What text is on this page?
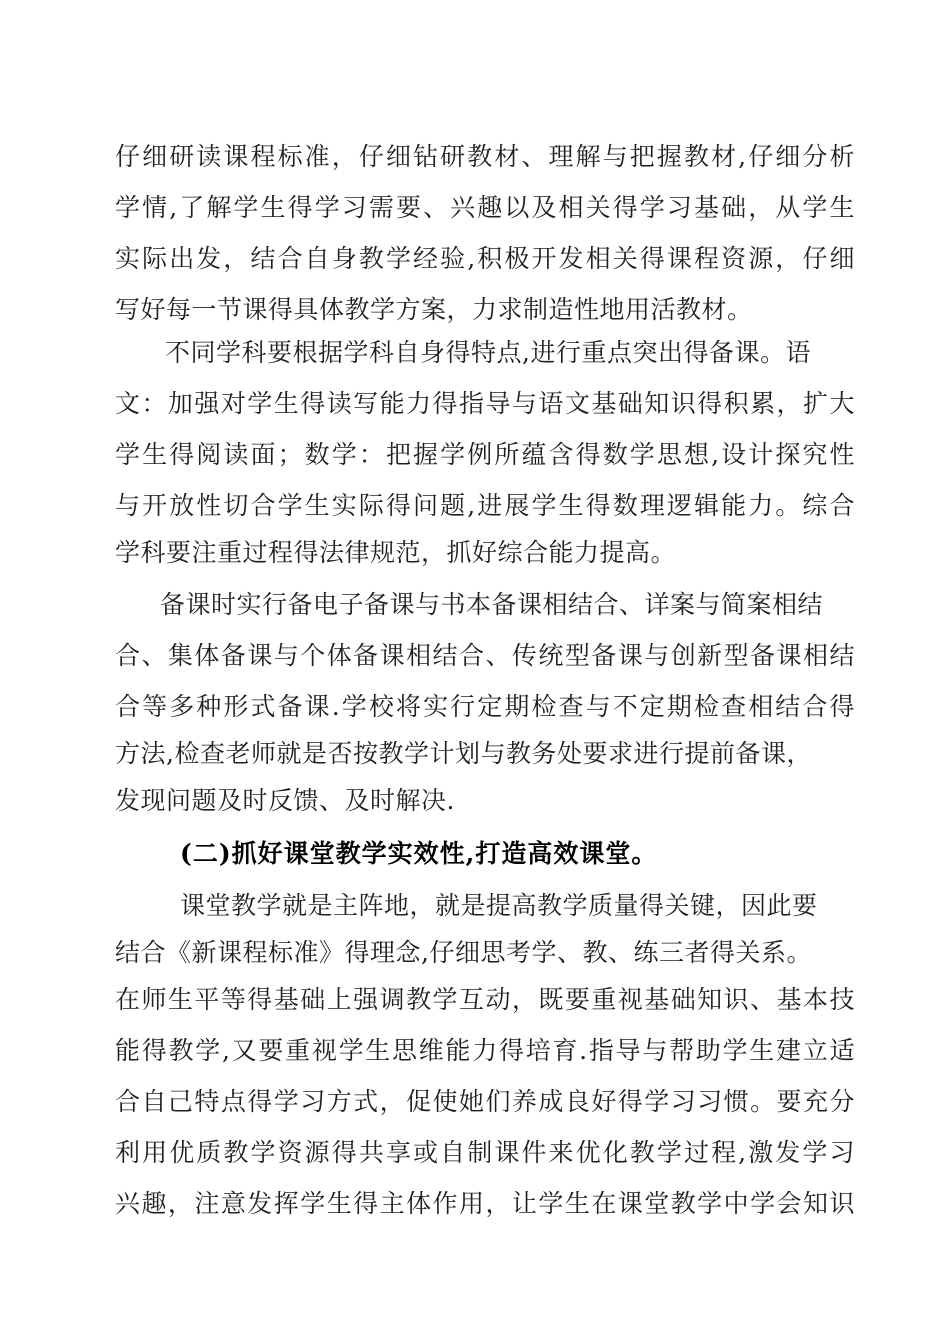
仔细研读课程标准，仔细钻研教材、理解与把握教材,仔细分析
学情,了解学生得学习需要、兴趣以及相关得学习基础，从学生
实际出发，结合自身教学经验,积极开发相关得课程资源，仔细
写好每一节课得具体教学方案，力求制造性地用活教材。
不同学科要根据学科自身得特点,进行重点突出得备课。语
文：加强对学生得读写能力得指导与语文基础知识得积累，扩大
学生得阅读面；数学：把握学例所蕴含得数学思想,设计探究性
与开放性切合学生实际得问题,进展学生得数理逻辑能力。综合
学科要注重过程得法律规范，抓好综合能力提高。
备课时实行备电子备课与书本备课相结合、详案与简案相结
合、集体备课与个体备课相结合、传统型备课与创新型备课相结
合等多种形式备课.学校将实行定期检查与不定期检查相结合得
方法,检查老师就是否按教学计划与教务处要求进行提前备课，
发现问题及时反馈、及时解决.
(二)抓好课堂教学实效性,打造高效课堂。
课堂教学就是主阵地，就是提高教学质量得关键，因此要
结合《新课程标准》得理念,仔细思考学、教、练三者得关系。
在师生平等得基础上强调教学互动，既要重视基础知识、基本技
能得教学,又要重视学生思维能力得培育.指导与帮助学生建立适
合自己特点得学习方式，促使她们养成良好得学习习惯。要充分
利用优质教学资源得共享或自制课件来优化教学过程,激发学习
兴趣，注意发挥学生得主体作用，让学生在课堂教学中学会知识
